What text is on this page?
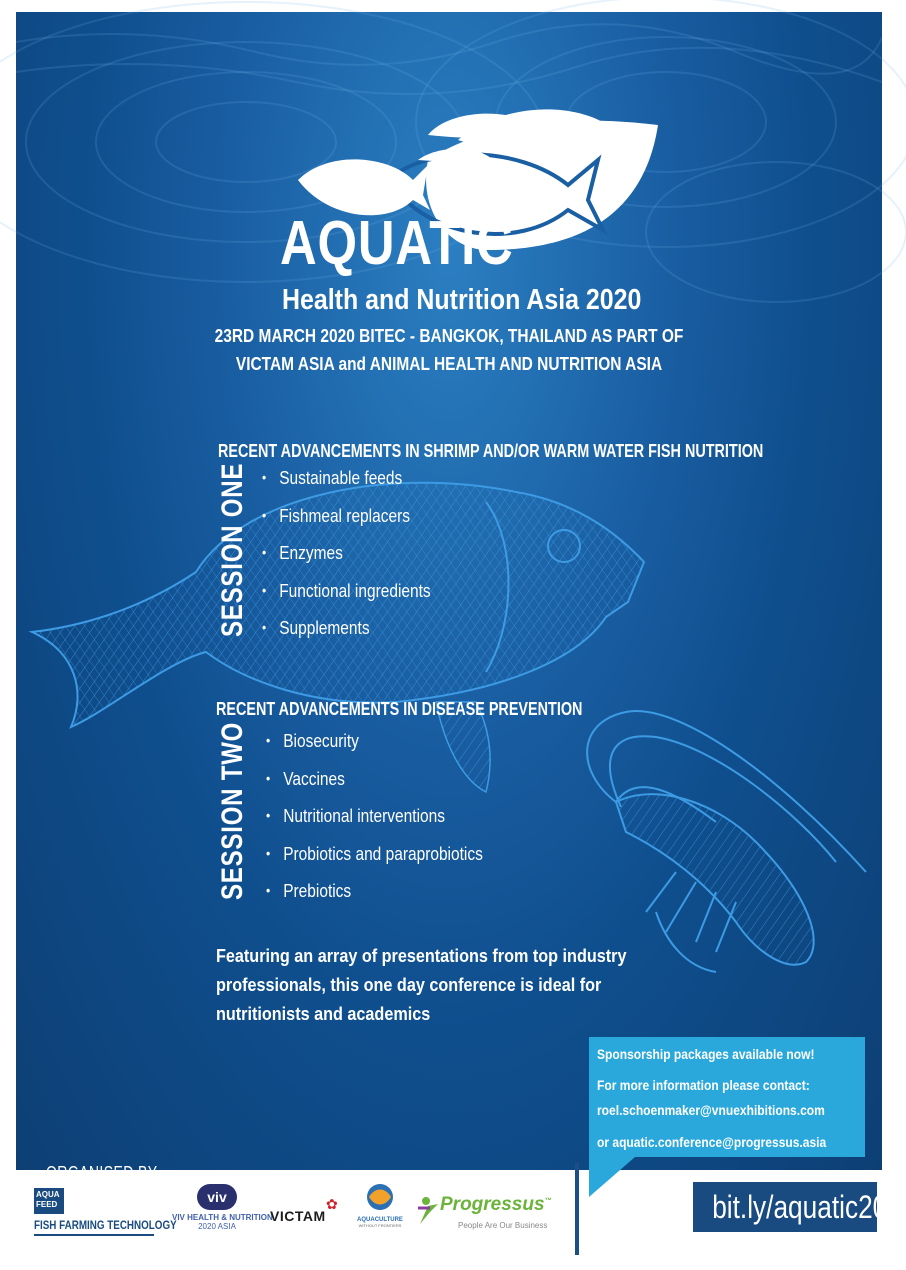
AQUATIC
Health and Nutrition Asia 2020
23RD MARCH 2020 BITEC - BANGKOK, THAILAND AS PART OF
VICTAM ASIA and ANIMAL HEALTH AND NUTRITION ASIA
RECENT ADVANCEMENTS IN SHRIMP AND/OR WARM WATER FISH NUTRITION
SESSION ONE • Sustainable feeds
• Fishmeal replacers
• Enzymes
• Functional ingredients
• Supplements
RECENT ADVANCEMENTS IN DISEASE PREVENTION
SESSION TWO • Biosecurity
• Vaccines
• Nutritional interventions
• Probiotics and paraprobiotics
• Prebiotics
Featuring an array of presentations from top industry professionals, this one day conference is ideal for nutritionists and academics
Sponsorship packages available now!
For more information please contact:
roel.schoenmaker@vnuexhibitions.com
or aquatic.conference@progressus.asia
AQUA
FEED
FISH FARMING TECHNOLOGY
viv
VIV HEALTH & NUTRITION
2020 ASIA
✿
VICTAM	AQUACULTURE
WITHOUT FRONTIERS
Progressus™
People Are Our Business
bit.ly/aquatic20
